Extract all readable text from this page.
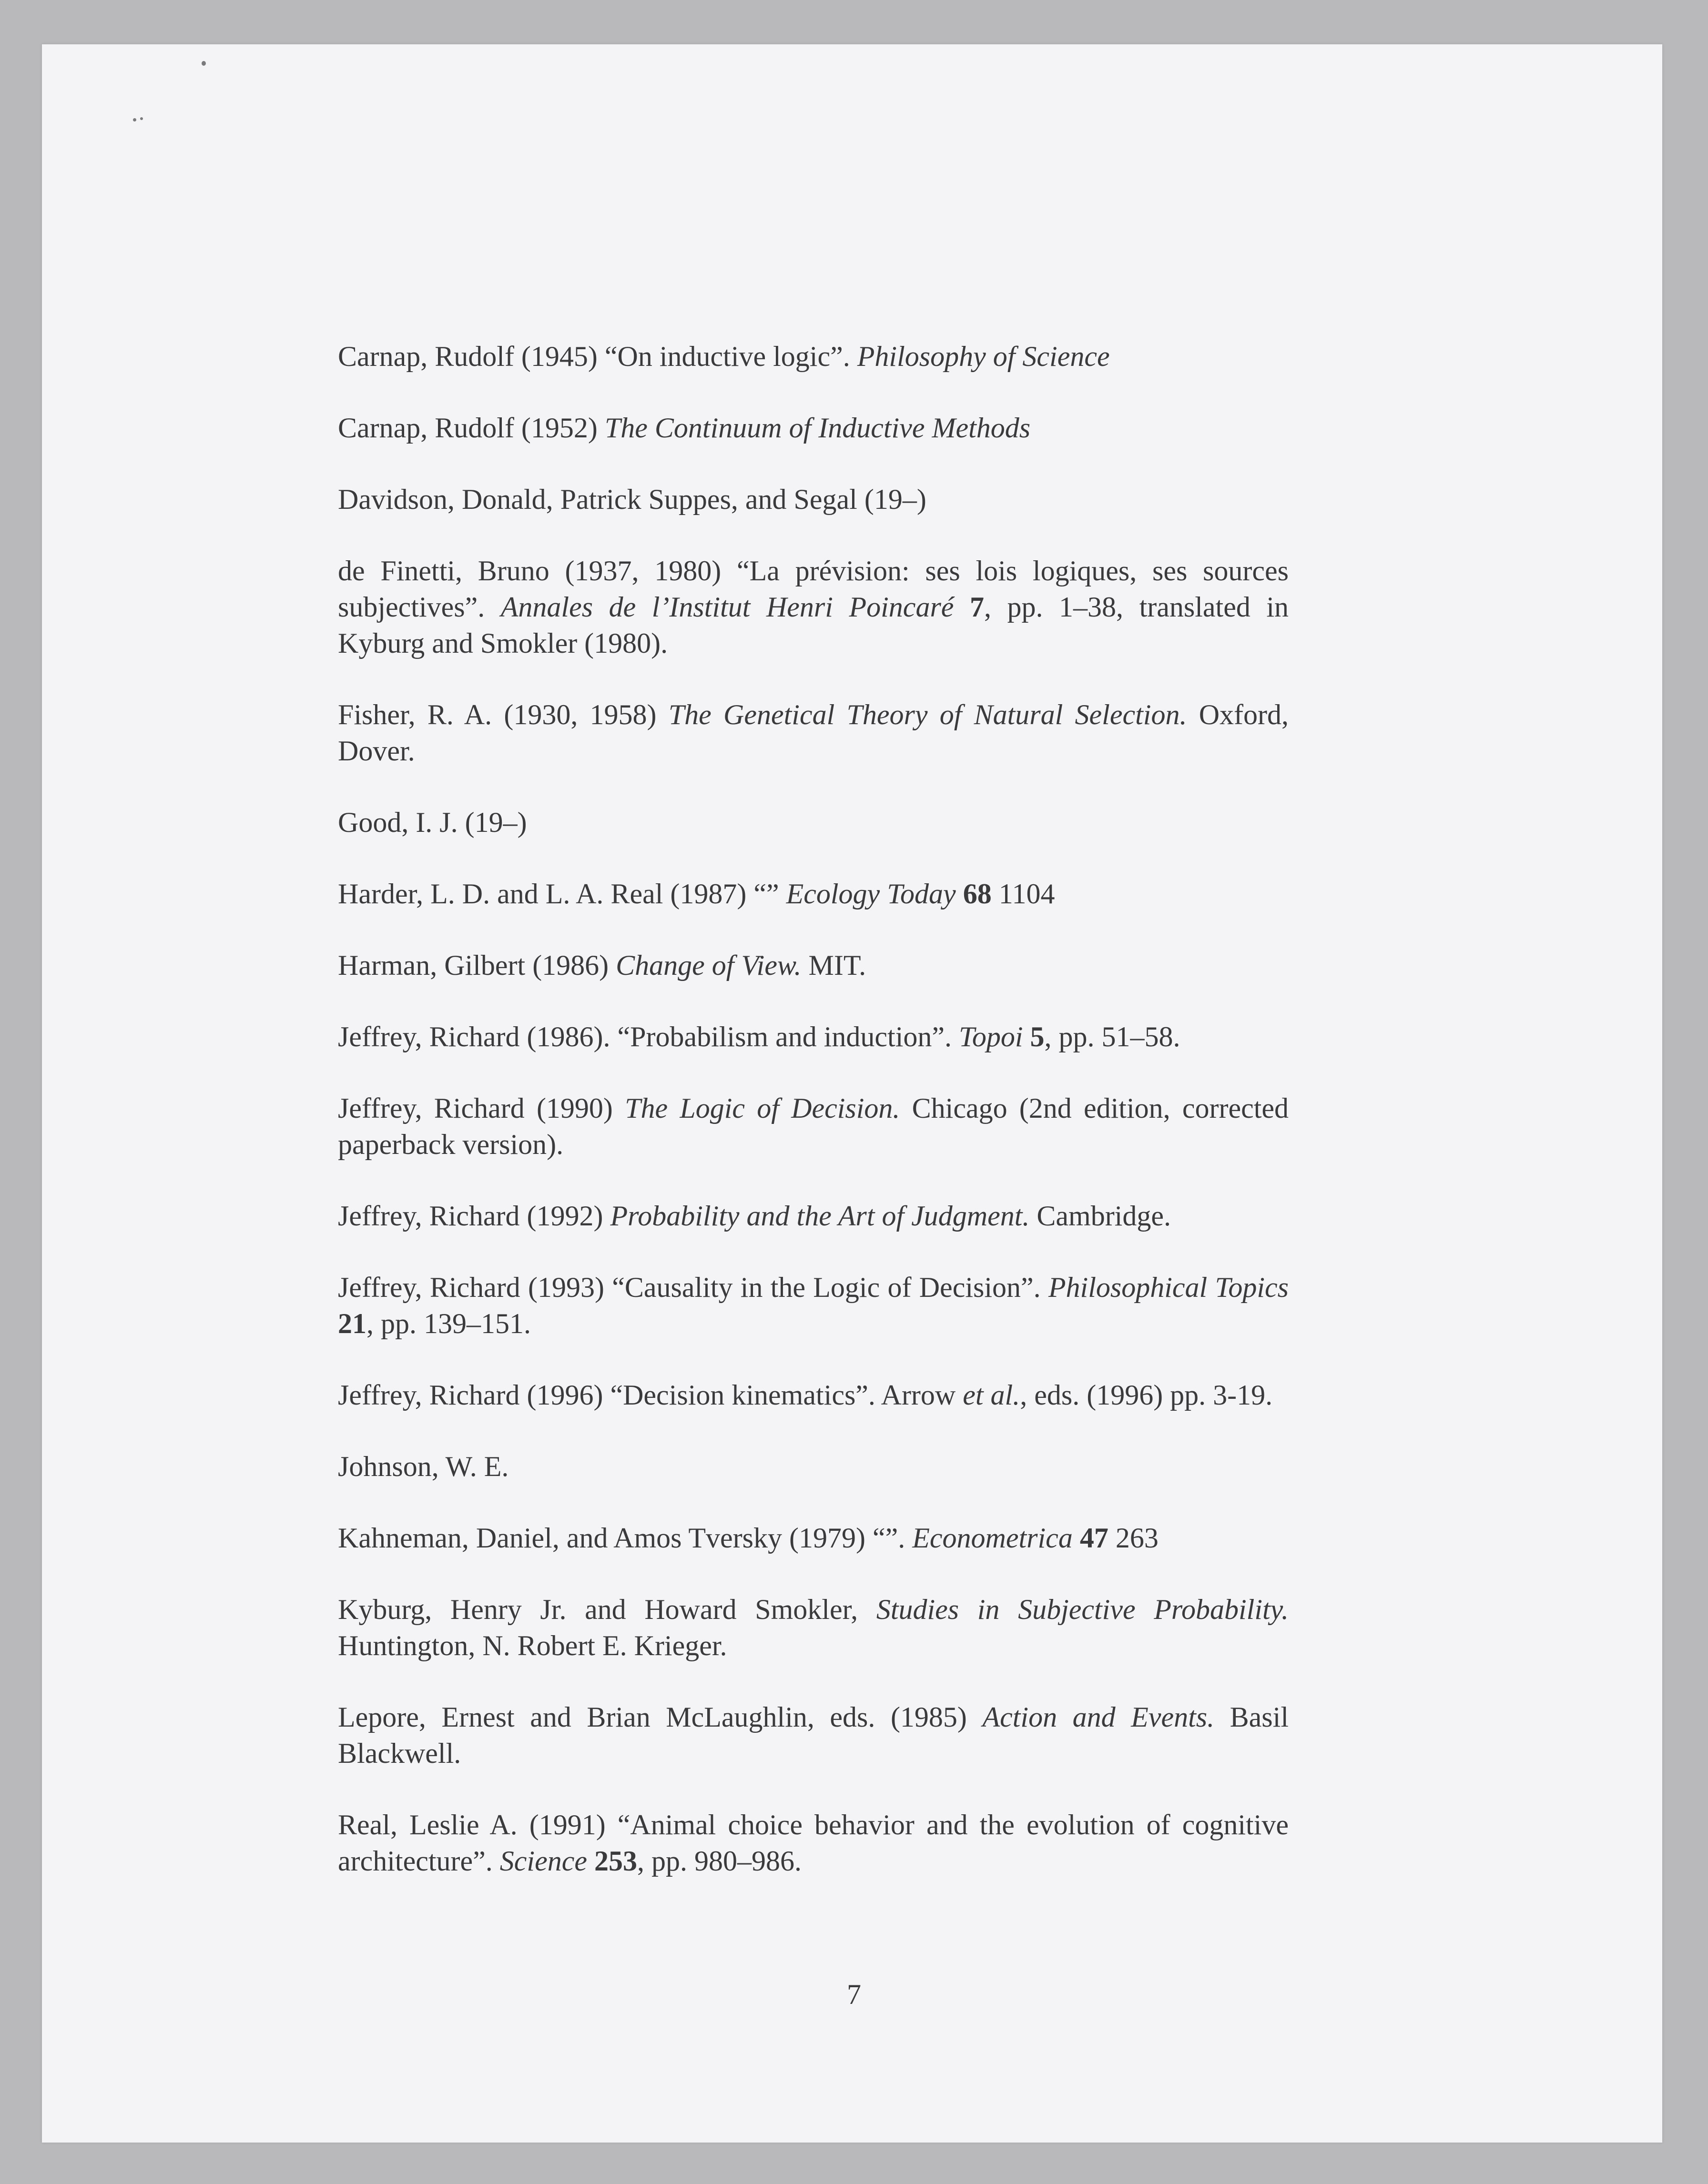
Carnap, Rudolf (1945) “On inductive logic”. Philosophy of Science
Carnap, Rudolf (1952) The Continuum of Inductive Methods
Davidson, Donald, Patrick Suppes, and Segal (19–)
de Finetti, Bruno (1937, 1980) “La prévision: ses lois logiques, ses sources subjectives”. Annales de l’Institut Henri Poincaré 7, pp. 1–38, translated in Kyburg and Smokler (1980).
Fisher, R. A. (1930, 1958) The Genetical Theory of Natural Selection. Oxford, Dover.
Good, I. J. (19–)
Harder, L. D. and L. A. Real (1987) “” Ecology Today 68 1104
Harman, Gilbert (1986) Change of View. MIT.
Jeffrey, Richard (1986). “Probabilism and induction”. Topoi 5, pp. 51–58.
Jeffrey, Richard (1990) The Logic of Decision. Chicago (2nd edition, corrected paperback version).
Jeffrey, Richard (1992) Probability and the Art of Judgment. Cambridge.
Jeffrey, Richard (1993) “Causality in the Logic of Decision”. Philosophical Topics 21, pp. 139–151.
Jeffrey, Richard (1996) “Decision kinematics”. Arrow et al., eds. (1996) pp. 3-19.
Johnson, W. E.
Kahneman, Daniel, and Amos Tversky (1979) “”. Econometrica 47 263
Kyburg, Henry Jr. and Howard Smokler, Studies in Subjective Probability. Huntington, N. Robert E. Krieger.
Lepore, Ernest and Brian McLaughlin, eds. (1985) Action and Events. Basil Blackwell.
Real, Leslie A. (1991) “Animal choice behavior and the evolution of cognitive architecture”. Science 253, pp. 980–986.
7
